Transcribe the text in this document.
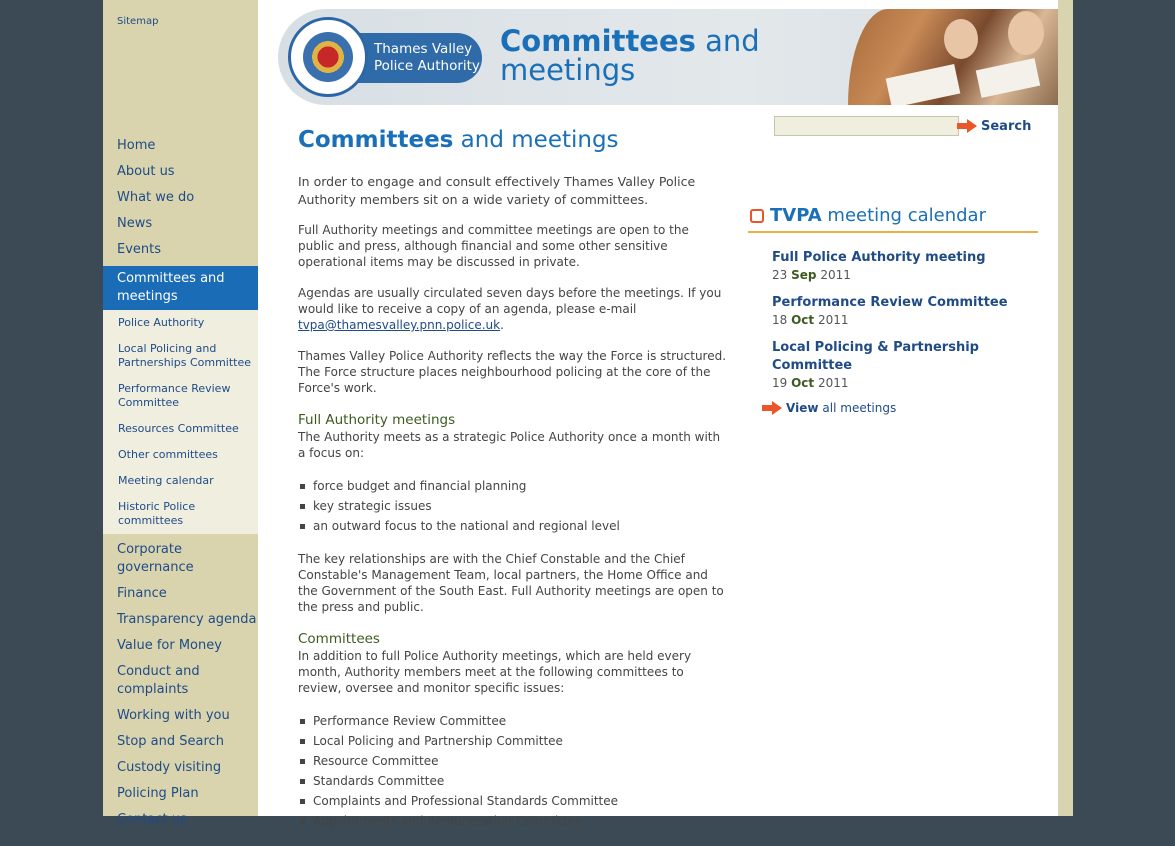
Sitemap
Home
About us
What we do
News
Events
Committees and meetings
Police Authority
Local Policing and Partnerships Committee
Performance Review Committee
Resources Committee
Other committees
Meeting calendar
Historic Police committees
Corporate governance
Finance
Transparency agenda
Value for Money
Conduct and complaints
Working with you
Stop and Search
Custody visiting
Policing Plan
Contact us
Thames Valley
Police Authority
Committees and
meetings
Search
Committees and meetings

In order to engage and consult effectively Thames Valley Police Authority members sit on a wide variety of committees.

Full Authority meetings and committee meetings are open to the public and press, although financial and some other sensitive operational items may be discussed in private.

Agendas are usually circulated seven days before the meetings. If you would like to receive a copy of an agenda, please e-mail tvpa@thamesvalley.pnn.police.uk.

Thames Valley Police Authority reflects the way the Force is structured. The Force structure places neighbourhood policing at the core of the Force's work.

Full Authority meetings

The Authority meets as a strategic Police Authority once a month with a focus on:

force budget and financial planning
key strategic issues
an outward focus to the national and regional level

The key relationships are with the Chief Constable and the Chief Constable's Management Team, local partners, the Home Office and the Government of the South East. Full Authority meetings are open to the press and public.

Committees

In addition to full Police Authority meetings, which are held every month, Authority members meet at the following committees to review, oversee and monitor specific issues:

Performance Review Committee
Local Policing and Partnership Committee
Resource Committee
Standards Committee
Complaints and Professional Standards Committee
Appointments and Remuneration Committee
TVPA meeting calendar
Full Police Authority meeting
23 Sep 2011
Performance Review Committee
18 Oct 2011
Local Policing & Partnership Committee
19 Oct 2011
View all meetings
